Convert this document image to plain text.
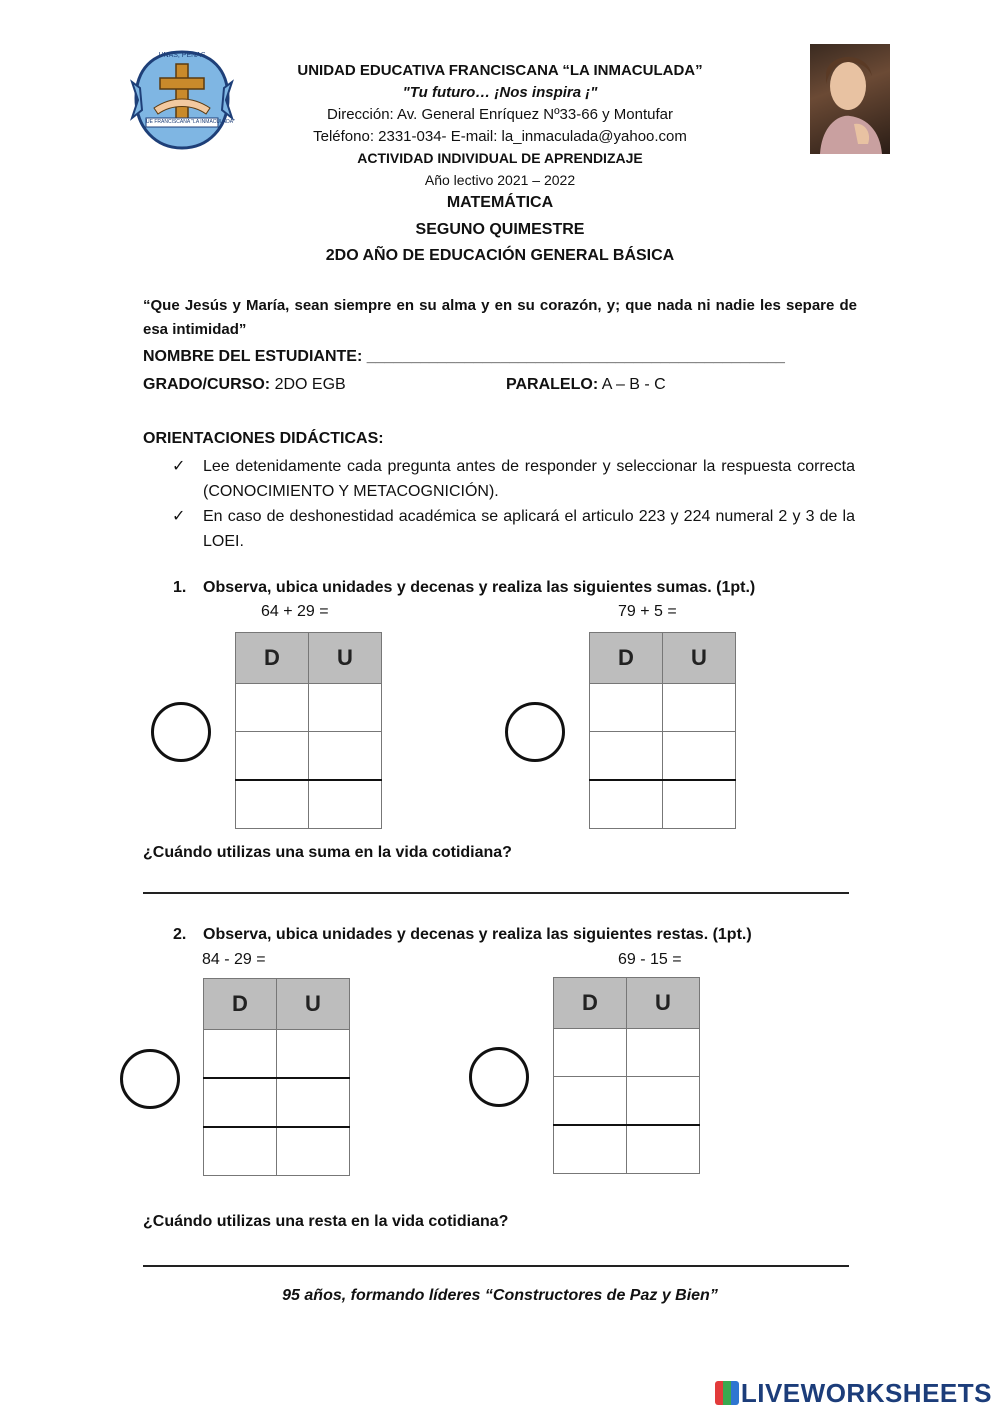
UNAS, PENAS
UE FRANCISCANA "LA INMACULADA"
UNIDAD EDUCATIVA FRANCISCANA “LA INMACULADA”
"Tu futuro… ¡Nos inspira ¡"
Dirección: Av. General Enríquez Nº33-66 y Montufar
Teléfono: 2331-034- E-mail: la_inmaculada@yahoo.com
ACTIVIDAD INDIVIDUAL DE APRENDIZAJE
Año lectivo 2021 – 2022
MATEMÁTICA
SEGUNO QUIMESTRE
2DO AÑO DE EDUCACIÓN GENERAL BÁSICA
“Que Jesús y María, sean siempre en su alma y en su corazón, y; que nada ni nadie les separe de esa intimidad”
NOMBRE DEL ESTUDIANTE: _______________________________________________
GRADO/CURSO: 2DO EGB	PARALELO: A – B - C
ORIENTACIONES DIDÁCTICAS:
✓ Lee detenidamente cada pregunta antes de responder y seleccionar la respuesta correcta (CONOCIMIENTO Y METACOGNICIÓN).
✓ En caso de deshonestidad académica se aplicará el articulo 223 y 224 numeral 2 y 3 de la LOEI.
1. Observa, ubica unidades y decenas y realiza las siguientes sumas. (1pt.)
64 + 29 =	79 + 5 =
D	U

		D	U

¿Cuándo utilizas una suma en la vida cotidiana?
2. Observa, ubica unidades y decenas y realiza las siguientes restas. (1pt.)
84 - 29 =	69 - 15 =
D	U

		D	U

¿Cuándo utilizas una resta en la vida cotidiana?
95 años, formando líderes “Constructores de Paz y Bien”
LIVEWORKSHEETS
